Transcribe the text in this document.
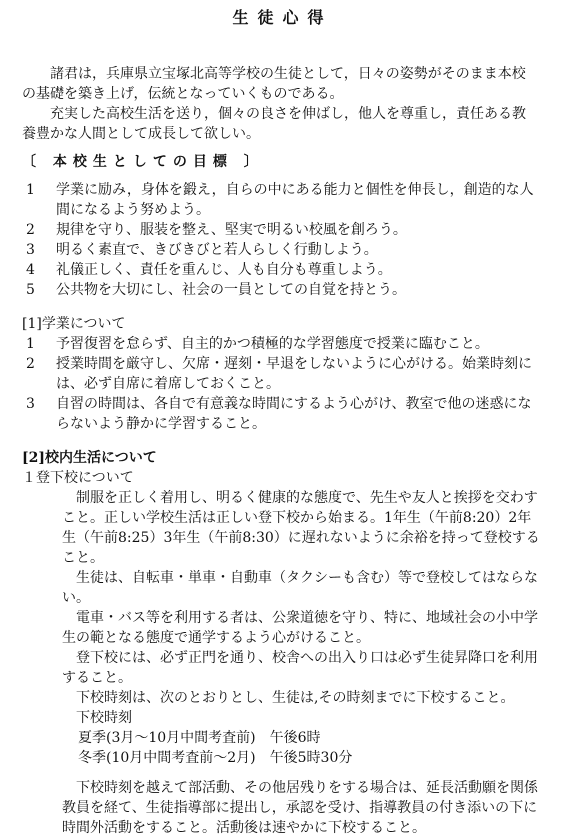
生徒心得

諸君は，兵庫県立宝塚北高等学校の生徒として，日々の姿勢がそのまま本校の基礎を築き上げ，伝統となっていくものである。

充実した高校生活を送り，個々の良さを伸ばし，他人を尊重し，責任ある教養豊かな人間として成長して欲しい。

〔 本校生としての目標 〕
1	学業に励み，身体を鍛え，自らの中にある能力と個性を伸長し，創造的な人間になるよう努めよう。
2	規律を守り、服装を整え、堅実で明るい校風を創ろう。
3	明るく素直で、きびきびと若人らしく行動しよう。
4	礼儀正しく、責任を重んじ、人も自分も尊重しよう。
5	公共物を大切にし、社会の一員としての自覚を持とう。
[1]学業について
1	予習復習を怠らず、自主的かつ積極的な学習態度で授業に臨むこと。
2	授業時間を厳守し、欠席・遅刻・早退をしないように心がける。始業時刻には、必ず自席に着席しておくこと。
3	自習の時間は、各自で有意義な時間にするよう心がけ、教室で他の迷惑にならないよう静かに学習すること。
[2]校内生活について
１登下校について

制服を正しく着用し、明るく健康的な態度で、先生や友人と挨拶を交わすこと。正しい学校生活は正しい登下校から始まる。1年生（午前8:20）2年生（午前8:25）3年生（午前8:30）に遅れないように余裕を持って登校すること。

生徒は、自転車・単車・自動車（タクシーも含む）等で登校してはならない。

電車・バス等を利用する者は、公衆道徳を守り、特に、地域社会の小中学生の範となる態度で通学するよう心がけること。

登下校には、必ず正門を通り、校舎への出入り口は必ず生徒昇降口を利用すること。

下校時刻は、次のとおりとし、生徒は,その時刻までに下校すること。

下校時刻
夏季(3月～10月中間考査前)　午後6時
冬季(10月中間考査前～2月)　午後5時30分

下校時刻を越えて部活動、その他居残りをする場合は、延長活動願を関係教員を経て、生徒指導部に提出し，承認を受け、指導教員の付き添いの下に時間外活動をすること。活動後は速やかに下校すること。
